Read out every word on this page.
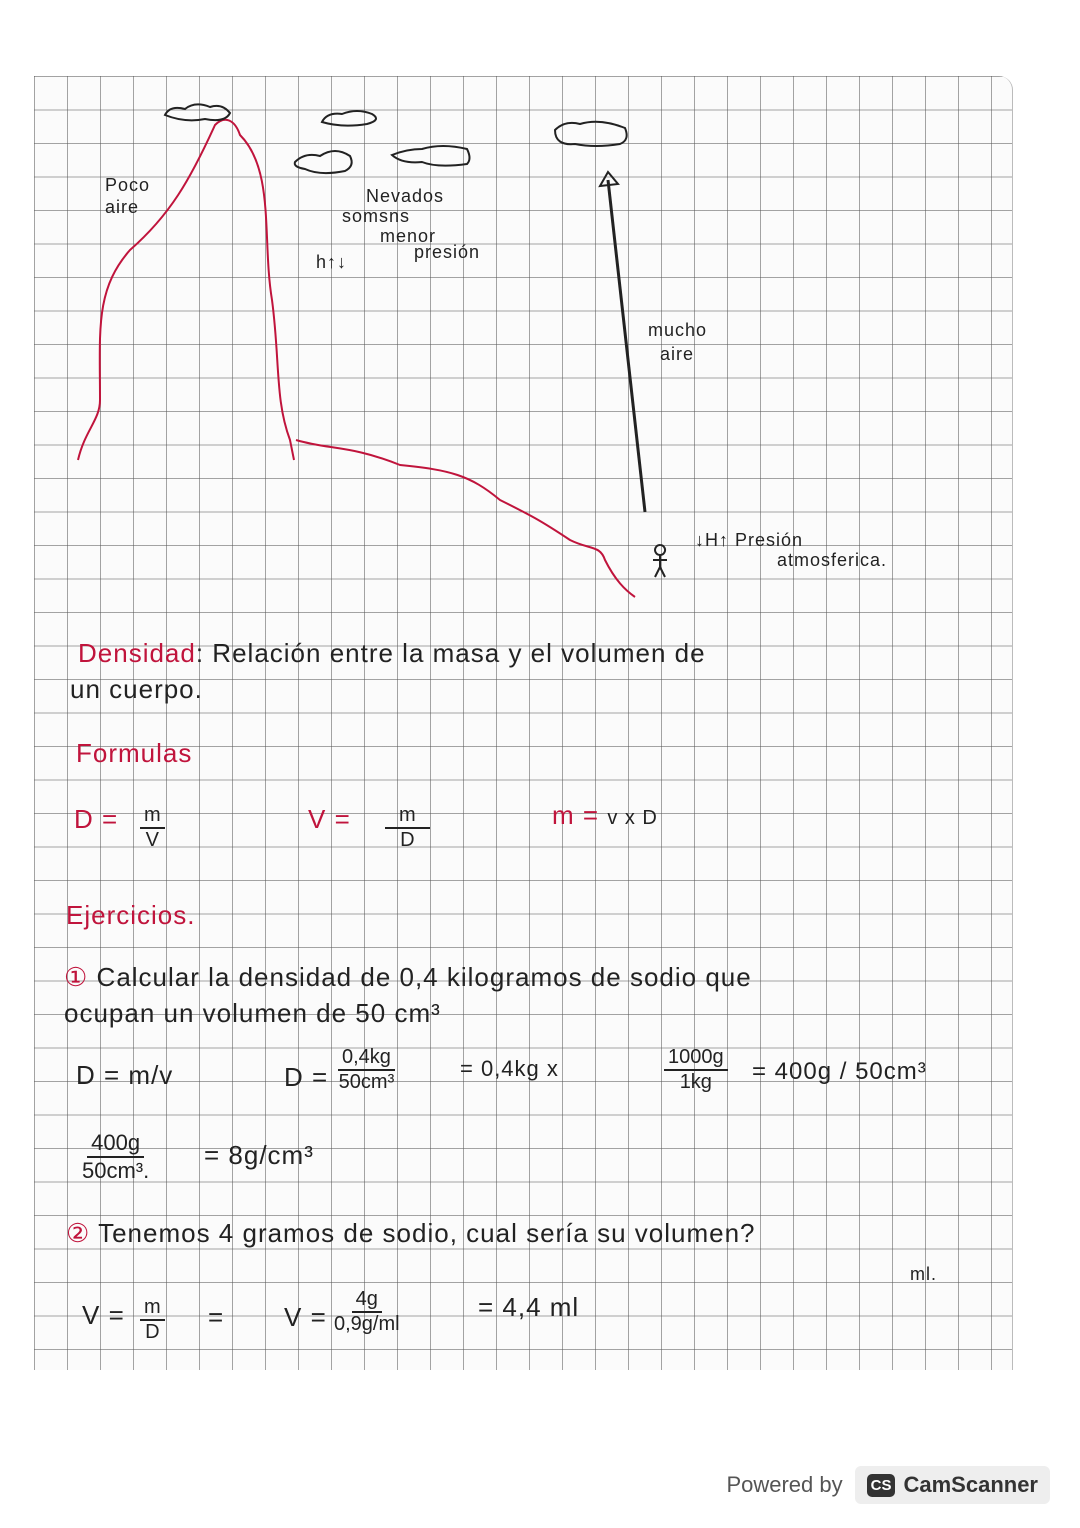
Poco
aire
Nevados
somsns
menor
presión
h↑↓
mucho
aire
↓H↑ Presión
atmosferica.
Densidad: Relación entre la masa y el volumen de
un cuerpo.
Formulas
$D = \frac{m}{V}$	$V = \frac{m}{D}$	m = v x D
Ejercicios.
① Calcular la densidad de 0,4 kilogramos de sodio que
ocupan un volumen de 50 cm³
D = m/v	$D = \frac{0,4kg}{\text{50cm³}}$	= 0,4kg x	$\frac{1000g}{1kg} = 400g / 50cm^3$
$\frac{400g}{\text{50cm³.}} = 8g/cm^3$
② Tenemos 4 gramos de sodio, cual sería su volumen?
ml.
$V = \frac{m}{D} = V = \frac{4g}{0,9g/ml}$	= 4,4 ml
Powered by CS CamScanner
